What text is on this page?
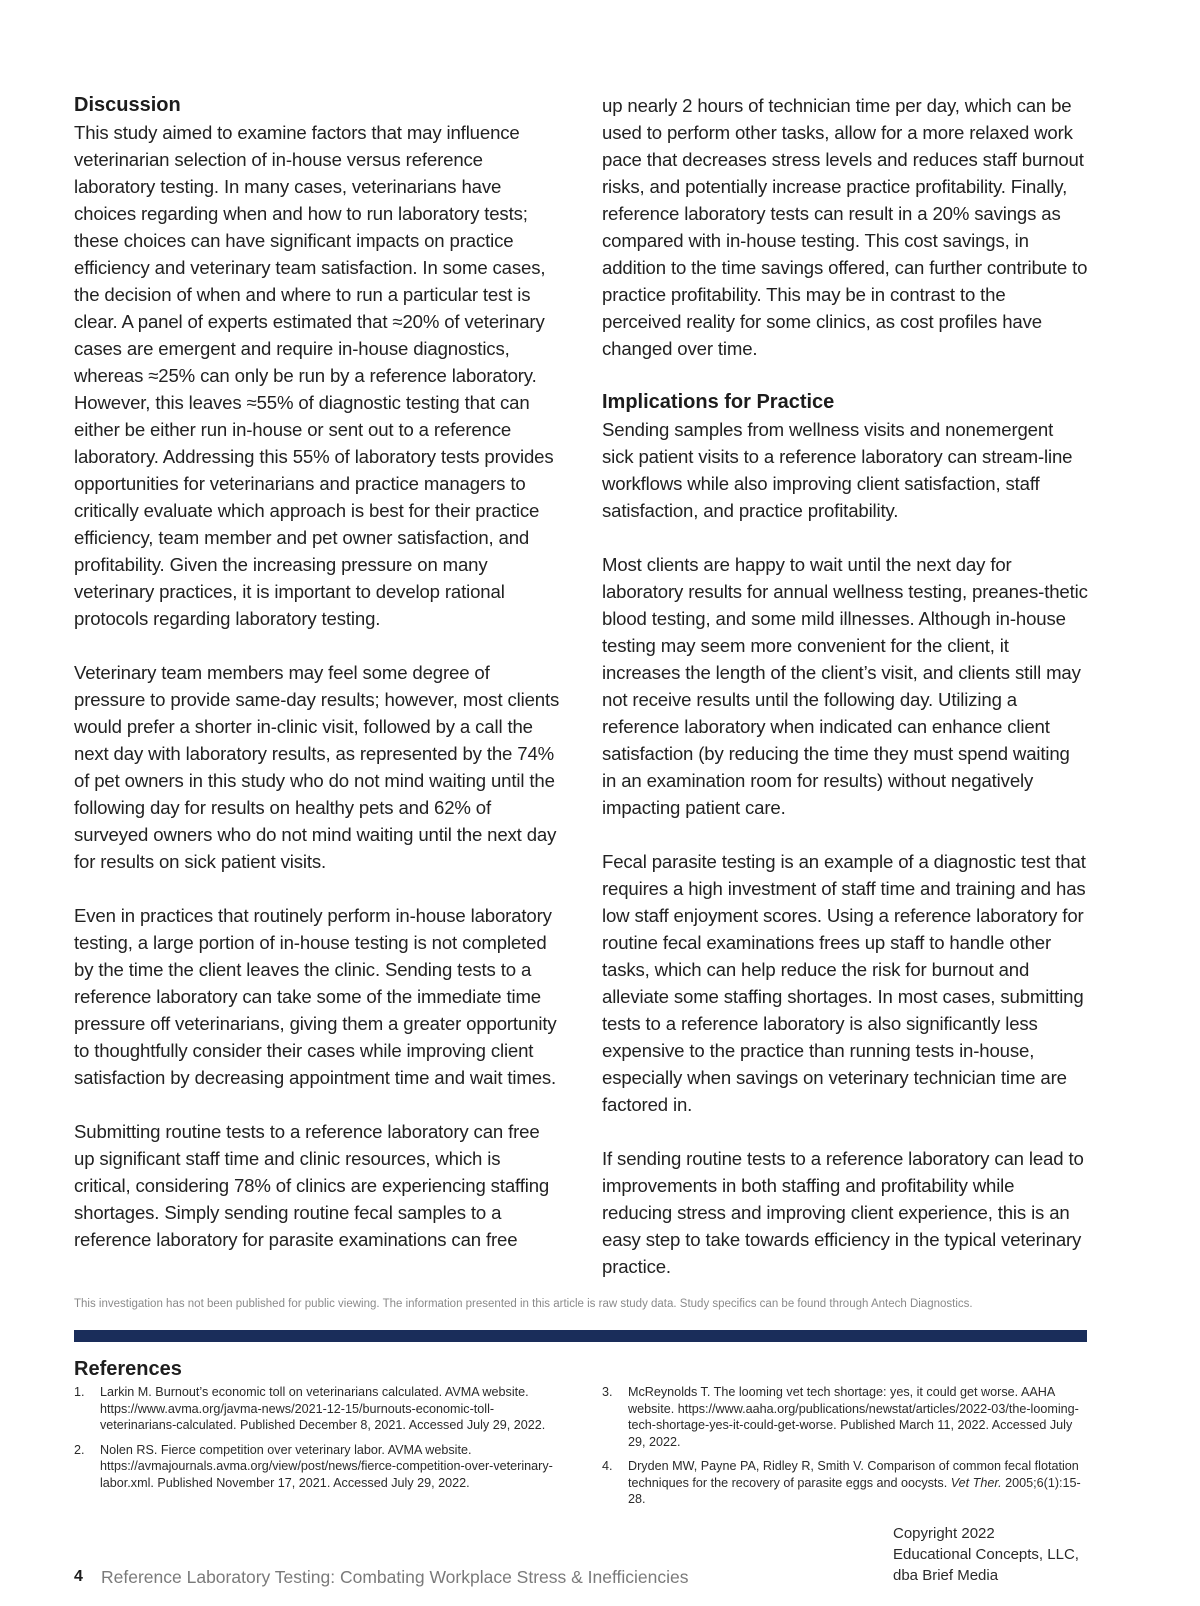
Discussion

This study aimed to examine factors that may influence veterinarian selection of in-house versus reference laboratory testing. In many cases, veterinarians have choices regarding when and how to run laboratory tests; these choices can have significant impacts on practice efficiency and veterinary team satisfaction. In some cases, the decision of when and where to run a particular test is clear. A panel of experts estimated that ≈20% of veterinary cases are emergent and require in-house diagnostics, whereas ≈25% can only be run by a reference laboratory. However, this leaves ≈55% of diagnostic testing that can either be either run in-house or sent out to a reference laboratory. Addressing this 55% of laboratory tests provides opportunities for veterinarians and practice managers to critically evaluate which approach is best for their practice efficiency, team member and pet owner satisfaction, and profitability. Given the increasing pressure on many veterinary practices, it is important to develop rational protocols regarding laboratory testing.

Veterinary team members may feel some degree of pressure to provide same-day results; however, most clients would prefer a shorter in-clinic visit, followed by a call the next day with laboratory results, as represented by the 74% of pet owners in this study who do not mind waiting until the following day for results on healthy pets and 62% of surveyed owners who do not mind waiting until the next day for results on sick patient visits.

Even in practices that routinely perform in-house laboratory testing, a large portion of in-house testing is not completed by the time the client leaves the clinic. Sending tests to a reference laboratory can take some of the immediate time pressure off veterinarians, giving them a greater opportunity to thoughtfully consider their cases while improving client satisfaction by decreasing appointment time and wait times.

Submitting routine tests to a reference laboratory can free up significant staff time and clinic resources, which is critical, considering 78% of clinics are experiencing staffing shortages. Simply sending routine fecal samples to a reference laboratory for parasite examinations can free

up nearly 2 hours of technician time per day, which can be used to perform other tasks, allow for a more relaxed work pace that decreases stress levels and reduces staff burnout risks, and potentially increase practice profitability. Finally, reference laboratory tests can result in a 20% savings as compared with in-house testing. This cost savings, in addition to the time savings offered, can further contribute to practice profitability. This may be in contrast to the perceived reality for some clinics, as cost profiles have changed over time.

Implications for Practice

Sending samples from wellness visits and nonemergent sick patient visits to a reference laboratory can stream-line workflows while also improving client satisfaction, staff satisfaction, and practice profitability.

Most clients are happy to wait until the next day for laboratory results for annual wellness testing, preanes-thetic blood testing, and some mild illnesses. Although in-house testing may seem more convenient for the client, it increases the length of the client’s visit, and clients still may not receive results until the following day. Utilizing a reference laboratory when indicated can enhance client satisfaction (by reducing the time they must spend waiting in an examination room for results) without negatively impacting patient care.

Fecal parasite testing is an example of a diagnostic test that requires a high investment of staff time and training and has low staff enjoyment scores. Using a reference laboratory for routine fecal examinations frees up staff to handle other tasks, which can help reduce the risk for burnout and alleviate some staffing shortages. In most cases, submitting tests to a reference laboratory is also significantly less expensive to the practice than running tests in-house, especially when savings on veterinary technician time are factored in.

If sending routine tests to a reference laboratory can lead to improvements in both staffing and profitability while reducing stress and improving client experience, this is an easy step to take towards efficiency in the typical veterinary practice.

This investigation has not been published for public viewing. The information presented in this article is raw study data. Study specifics can be found through Antech Diagnostics.
References
1. Larkin M. Burnout’s economic toll on veterinarians calculated. AVMA website. https://www.avma.org/javma-news/2021-12-15/burnouts-economic-toll-veterinarians-calculated. Published December 8, 2021. Accessed July 29, 2022.
2. Nolen RS. Fierce competition over veterinary labor. AVMA website. https://avmajournals.avma.org/view/post/news/fierce-competition-over-veterinary-labor.xml. Published November 17, 2021. Accessed July 29, 2022.
3. McReynolds T. The looming vet tech shortage: yes, it could get worse. AAHA website. https://www.aaha.org/publications/newstat/articles/2022-03/the-looming-tech-shortage-yes-it-could-get-worse. Published March 11, 2022. Accessed July 29, 2022.
4. Dryden MW, Payne PA, Ridley R, Smith V. Comparison of common fecal flotation techniques for the recovery of parasite eggs and oocysts. Vet Ther. 2005;6(1):15-28.
4 Reference Laboratory Testing: Combating Workplace Stress & Inefficiencies
Copyright 2022
Educational Concepts, LLC,
dba Brief Media
